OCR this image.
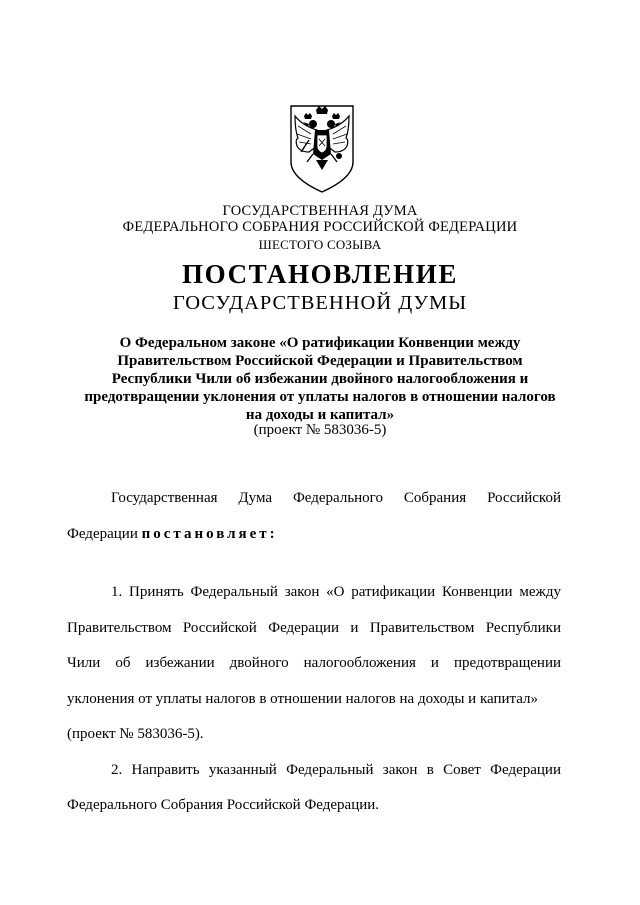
ГОСУДАРСТВЕННАЯ ДУМА
ФЕДЕРАЛЬНОГО СОБРАНИЯ РОССИЙСКОЙ ФЕДЕРАЦИИ
ШЕСТОГО СОЗЫВА
ПОСТАНОВЛЕНИЕ
ГОСУДАРСТВЕННОЙ ДУМЫ
О Федеральном законе «О ратификации Конвенции между
Правительством Российской Федерации и Правительством
Республики Чили об избежании двойного налогообложения и
предотвращении уклонения от уплаты налогов в отношении налогов
на доходы и капитал»
(проект № 583036-5)
Государственная Дума Федерального Собрания Российской
Федерации постановляет:
1. Принять Федеральный закон «О ратификации Конвенции между
Правительством Российской Федерации и Правительством Республики
Чили об избежании двойного налогообложения и предотвращении
уклонения от уплаты налогов в отношении налогов на доходы и капитал»
(проект № 583036-5).
2. Направить указанный Федеральный закон в Совет Федерации
Федерального Собрания Российской Федерации.
